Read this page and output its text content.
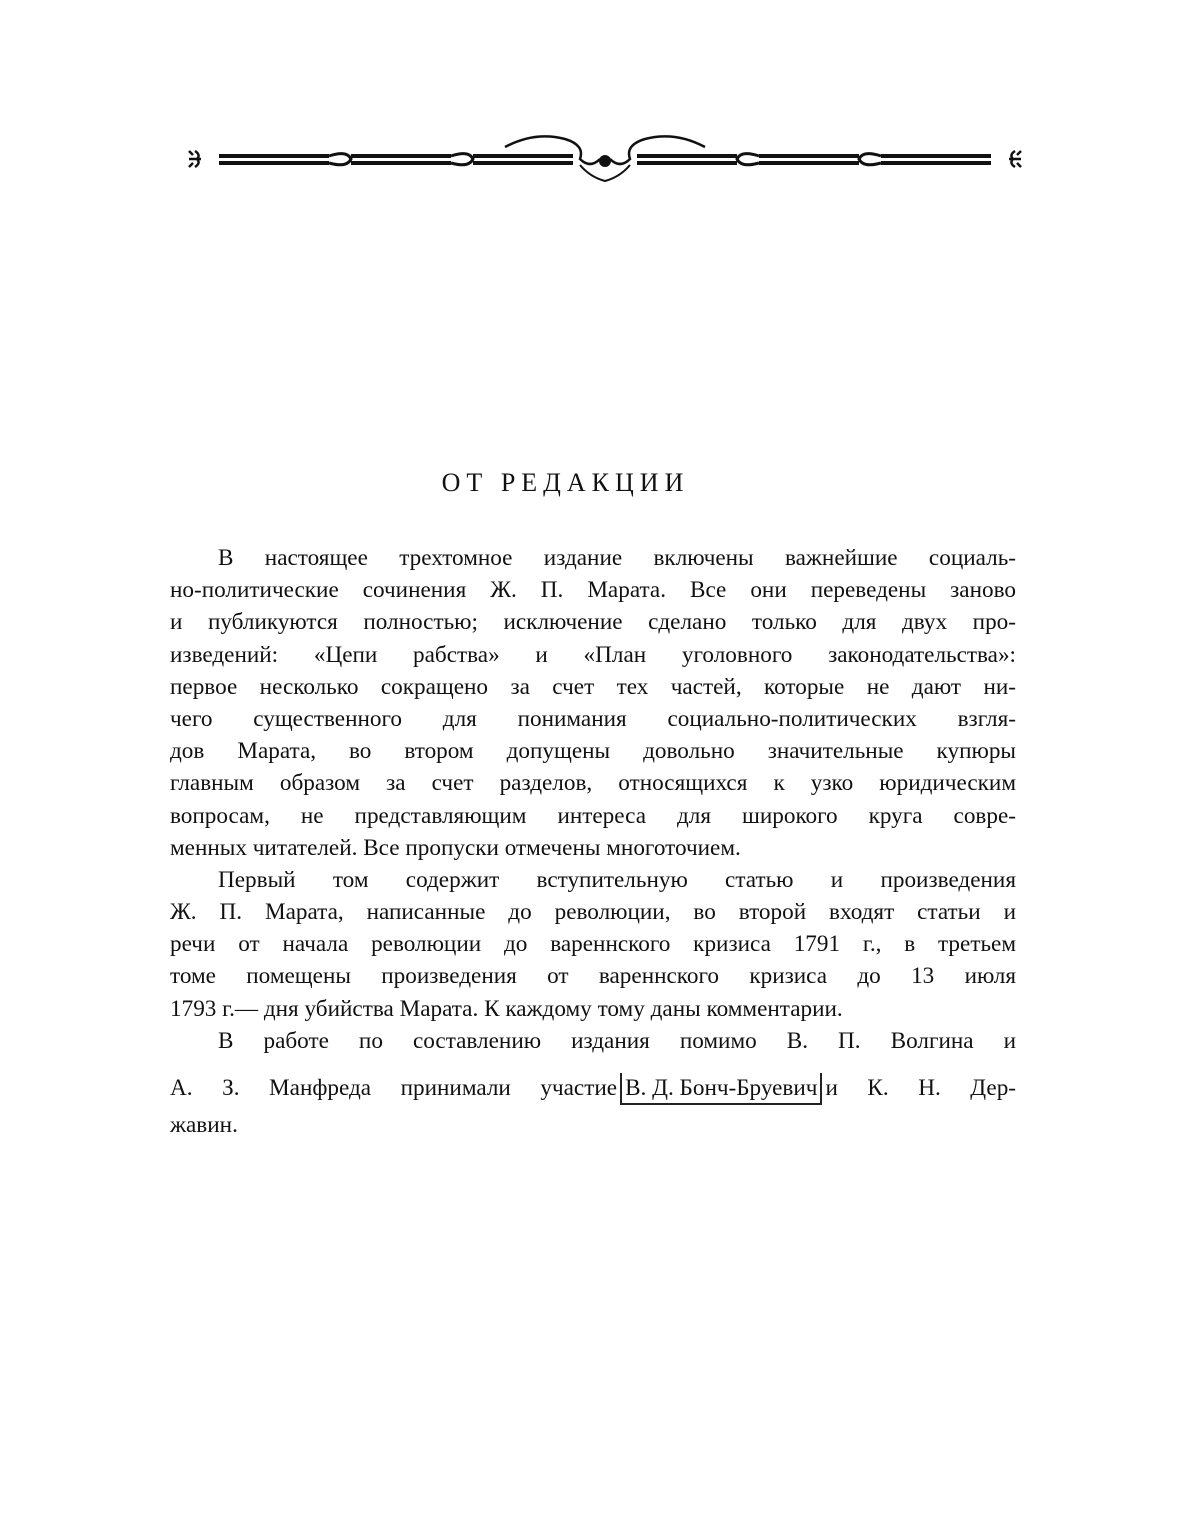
ОТ РЕДАКЦИИ
В настоящее трехтомное издание включены важнейшие социаль-
но-политические сочинения Ж. П. Марата. Все они переведены заново
и публикуются полностью; исключение сделано только для двух про-
изведений: «Цепи рабства» и «План уголовного законодательства»:
первое несколько сокращено за счет тех частей, которые не дают ни-
чего существенного для понимания социально-политических взгля-
дов Марата, во втором допущены довольно значительные купюры
главным образом за счет разделов, относящихся к узко юридическим
вопросам, не представляющим интереса для широкого круга совре-
менных читателей. Все пропуски отмечены многоточием.
Первый том содержит вступительную статью и произведения
Ж. П. Марата, написанные до революции, во второй входят статьи и
речи от начала революции до вареннского кризиса 1791 г., в третьем
томе помещены произведения от вареннского кризиса до 13 июля
1793 г.— дня убийства Марата. К каждому тому даны комментарии.
В работе по составлению издания помимо В. П. Волгина и
А. З. Манфреда принимали участие В. Д. Бонч-Бруевич и К. Н. Дер-
жавин.
